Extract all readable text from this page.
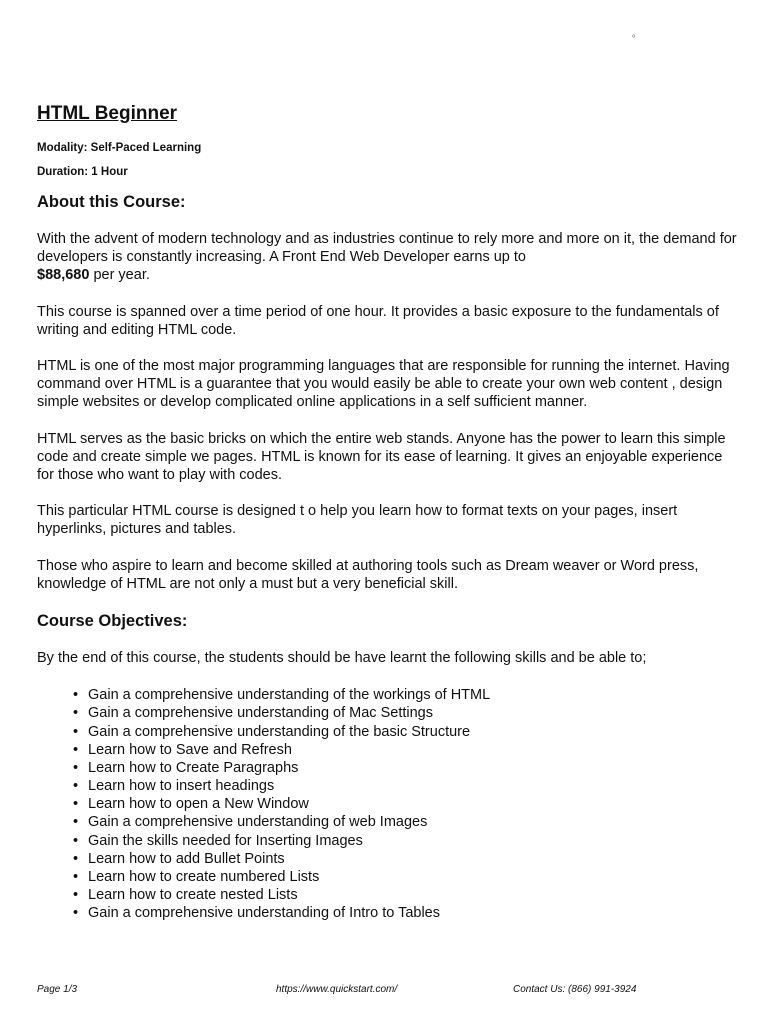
Q
HTML Beginner

Modality: Self-Paced Learning

Duration: 1 Hour

About this Course:

With the advent of modern technology and as industries continue to rely more and more on it, the demand for developers is constantly increasing. A Front End Web Developer earns up to
$88,680 per year.

This course is spanned over a time period of one hour. It provides a basic exposure to the fundamentals of writing and editing HTML code.

HTML is one of the most major programming languages that are responsible for running the internet. Having command over HTML is a guarantee that you would easily be able to create your own web content , design simple websites or develop complicated online applications in a self sufficient manner.

HTML serves as the basic bricks on which the entire web stands. Anyone has the power to learn this simple code and create simple we pages. HTML is known for its ease of learning. It gives an enjoyable experience for those who want to play with codes.

This particular HTML course is designed t o help you learn how to format texts on your pages, insert hyperlinks, pictures and tables.

Those who aspire to learn and become skilled at authoring tools such as Dream weaver or Word press, knowledge of HTML are not only a must but a very beneficial skill.

Course Objectives:

By the end of this course, the students should be have learnt the following skills and be able to;

• Gain a comprehensive understanding of the workings of HTML
• Gain a comprehensive understanding of Mac Settings
• Gain a comprehensive understanding of the basic Structure
• Learn how to Save and Refresh
• Learn how to Create Paragraphs
• Learn how to insert headings
• Learn how to open a New Window
• Gain a comprehensive understanding of web Images
• Gain the skills needed for Inserting Images
• Learn how to add Bullet Points
• Learn how to create numbered Lists
• Learn how to create nested Lists
• Gain a comprehensive understanding of Intro to Tables
Page 1/3	https://www.quickstart.com/	Contact Us: (866) 991-3924
